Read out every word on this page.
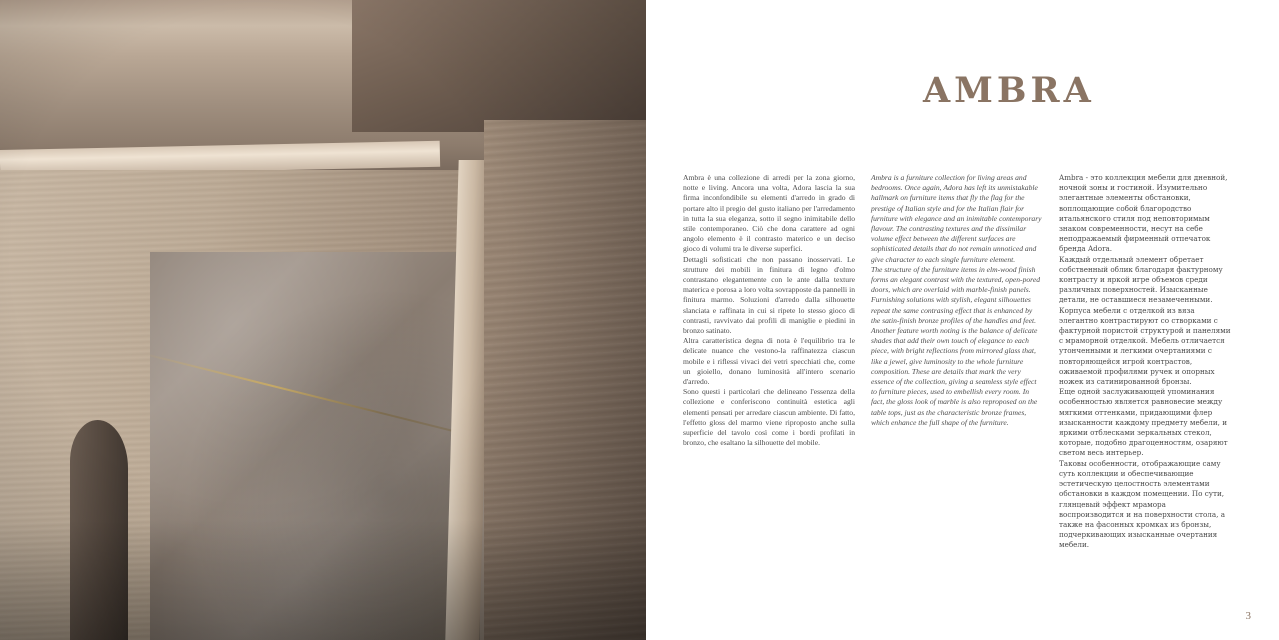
AMBRA

Ambra è una collezione di arredi per la zona giorno, notte e living. Ancora una volta, Adora lascia la sua firma inconfondibile su elementi d'arredo in grado di portare alto il pregio del gusto italiano per l'arredamento in tutta la sua eleganza, sotto il segno inimitabile dello stile contemporaneo. Ciò che dona carattere ad ogni angolo elemento è il contrasto materico e un deciso gioco di volumi tra le diverse superfici.

Dettagli sofisticati che non passano inosservati. Le strutture dei mobili in finitura di legno d'olmo contrastano elegantemente con le ante dalla texture materica e porosa a loro volta sovrapposte da pannelli in finitura marmo. Soluzioni d'arredo dalla silhouette slanciata e raffinata in cui si ripete lo stesso gioco di contrasti, ravvivato dai profili di maniglie e piedini in bronzo satinato.

Altra caratteristica degna di nota è l'equilibrio tra le delicate nuance che vestono-la raffinatezza ciascun mobile e i riflessi vivaci dei vetri specchiati che, come un gioiello, donano luminosità all'intero scenario d'arredo.

Sono questi i particolari che delineano l'essenza della collezione e conferiscono continuità estetica agli elementi pensati per arredare ciascun ambiente. Di fatto, l'effetto gloss del marmo viene riproposto anche sulla superficie del tavolo così come i bordi profilati in bronzo, che esaltano la silhouette del mobile.

Ambra is a furniture collection for living areas and bedrooms. Once again, Adora has left its unmistakable hallmark on furniture items that fly the flag for the prestige of Italian style and for the Italian flair for furniture with elegance and an inimitable contemporary flavour. The contrasting textures and the dissimilar volume effect between the different surfaces are sophisticated details that do not remain unnoticed and give character to each single furniture element.

The structure of the furniture items in elm-wood finish forms an elegant contrast with the textured, open-pored doors, which are overlaid with marble-finish panels. Furnishing solutions with stylish, elegant silhouettes repeat the same contrasing effect that is enhanced by the satin-finish bronze profiles of the handles and feet.

Another feature worth noting is the balance of delicate shades that add their own touch of elegance to each piece, with bright reflections from mirrored glass that, like a jewel, give luminosity to the whole furniture composition. These are details that mark the very essence of the collection, giving a seamless style effect to furniture pieces, used to embellish every room. In fact, the gloss look of marble is also reproposed on the table tops, just as the characteristic bronze frames, which enhance the full shape of the furniture.

Ambra - это коллекция мебели для дневной, ночной зоны и гостиной. Изумительно элегантные элементы обстановки, воплощающие собой благородство итальянского стиля под неповторимым знаком современности, несут на себе неподражаемый фирменный отпечаток бренда Adora.

Каждый отдельный элемент обретает собственный облик благодаря фактурному контрасту и яркой игре объемов среди различных поверхностей. Изысканные детали, не оставшиеся незамеченными.

Корпуса мебели с отделкой из вяза элегантно контрастируют со створками с фактурной пористой структурой и панелями с мраморной отделкой. Мебель отличается утонченными и легкими очертаниями с повторяющейся игрой контрастов, оживаемой профилями ручек и опорных ножек из сатинированной бронзы.

Еще одной заслуживающей упоминания особенностью является равновесие между мягкими оттенками, придающими флер изысканности каждому предмету мебели, и яркими отблесками зеркальных стекол, которые, подобно драгоценностям, озаряют светом весь интерьер.

Таковы особенности, отображающие саму суть коллекции и обеспечивающие эстетическую целостность элементами обстановки в каждом помещении. По сути, глянцевый эффект мрамора воспроизводится и на поверхности стола, а также на фасонных кромках из бронзы, подчеркивающих изысканные очертания мебели.

3
